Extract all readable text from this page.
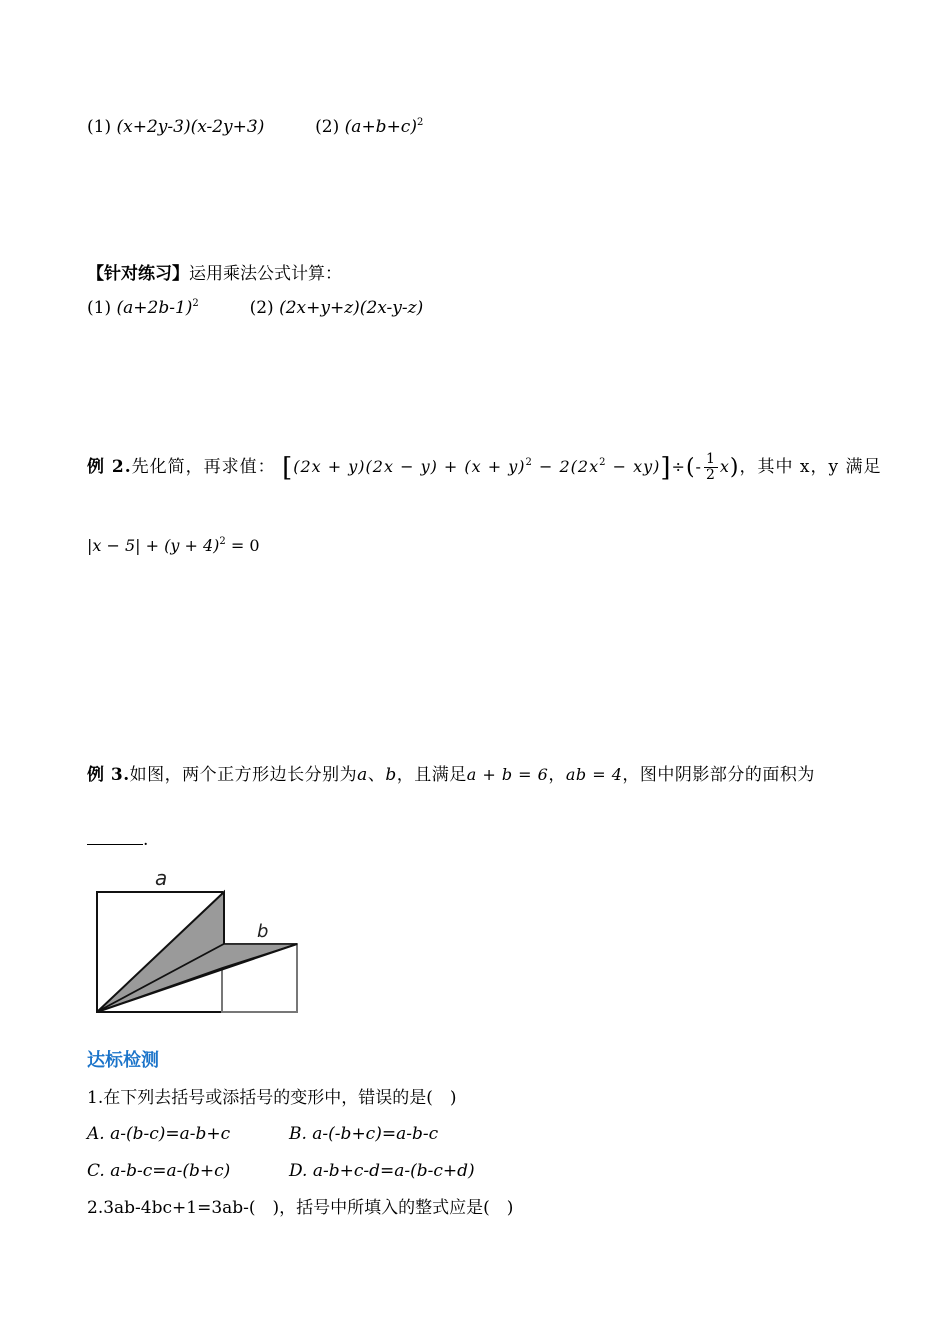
(1) (x+2y-3)(x-2y+3)	(2) $(a+b+c)^2$
【针对练习】运用乘法公式计算：
(1) $(a+2b-1)^2$	(2) (2x+y+z)(2x-y-z)
例 2.先化简，再求值： $[(2x + y)(2x - y) + (x + y)^2 - 2(2x^2 - xy)]\div(- \frac{1}{2} x)$，其中 x，y 满足
$|x - 5| + (y + 4)^2 = 0$
例 3.如图，两个正方形边长分别为a、b，且满足a + b = 6，ab = 4，图中阴影部分的面积为
.
a
b
达标检测
1.在下列去括号或添括号的变形中，错误的是(　)
A. a-(b-c)=a-b+c	B. a-(-b+c)=a-b-c
C. a-b-c=a-(b+c)	D. a-b+c-d=a-(b-c+d)
2.3ab-4bc+1=3ab-(　)，括号中所填入的整式应是(　)
